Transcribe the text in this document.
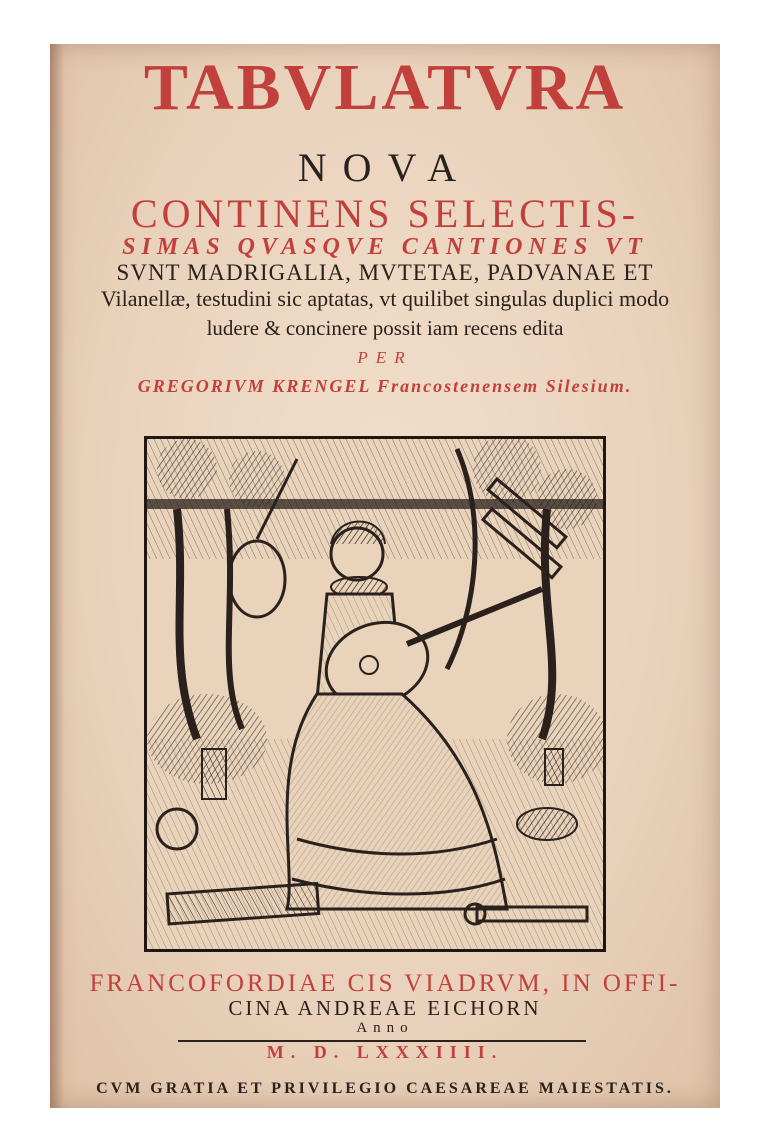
TABVLATVRA
NOVA
CONTINENS SELECTIS-
SIMAS QVASQVE CANTIONES VT
SVNT MADRIGALIA, MVTETAE, PADVANAE ET
Vilanellæ, testudini sic aptatas, vt quilibet singulas duplici modo
ludere & concinere possit iam recens edita
PER
GREGORIVM KRENGEL Francostenensem Silesium.
FRANCOFORDIAE CIS VIADRVM, IN OFFI-
CINA ANDREAE EICHORN
Anno
M. D. LXXXIIII.
CVM GRATIA ET PRIVILEGIO CAESAREAE MAIESTATIS.
